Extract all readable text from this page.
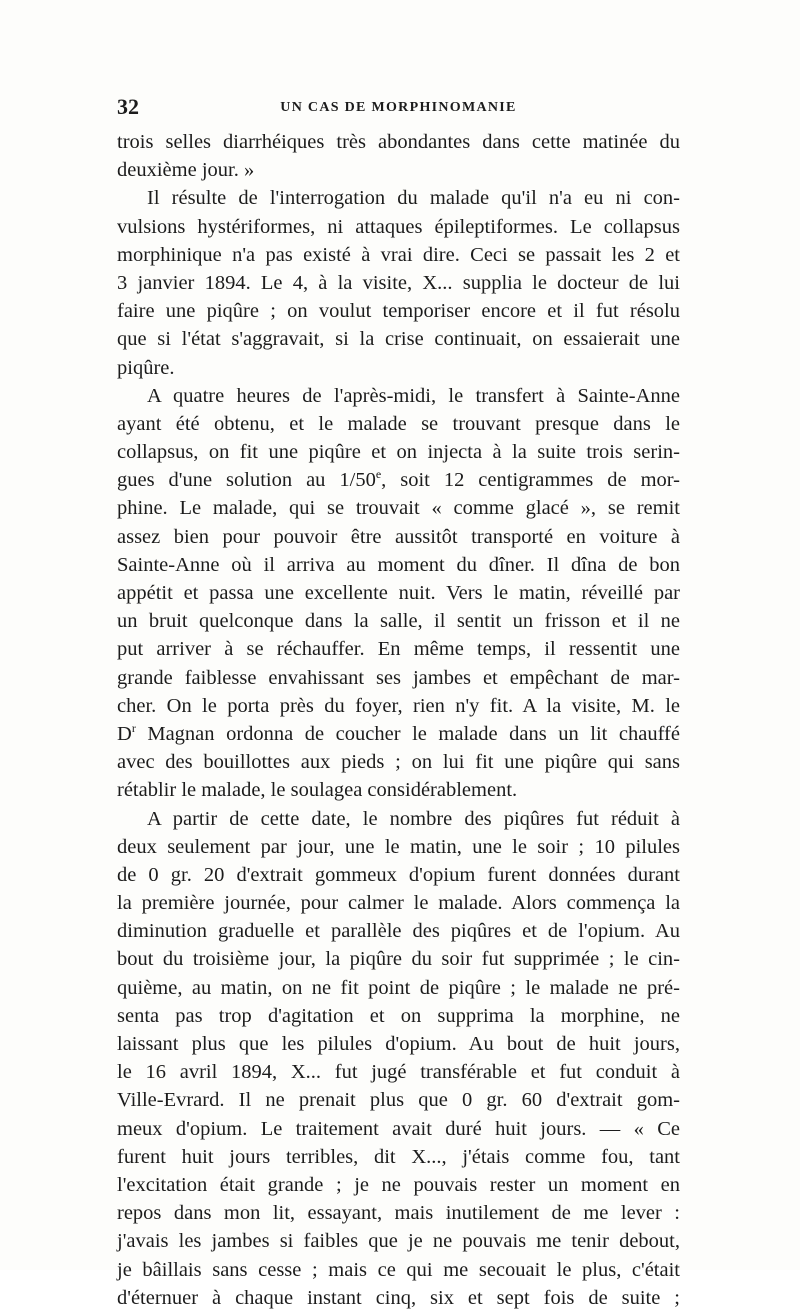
32	UN CAS DE MORPHINOMANIE
trois selles diarrhéiques très abondantes dans cette matinée du
deuxième jour. »
Il résulte de l'interrogation du malade qu'il n'a eu ni con-
vulsions hystériformes, ni attaques épileptiformes. Le collapsus
morphinique n'a pas existé à vrai dire. Ceci se passait les 2 et
3 janvier 1894. Le 4, à la visite, X... supplia le docteur de lui
faire une piqûre ; on voulut temporiser encore et il fut résolu
que si l'état s'aggravait, si la crise continuait, on essaierait une
piqûre.
A quatre heures de l'après-midi, le transfert à Sainte-Anne
ayant été obtenu, et le malade se trouvant presque dans le
collapsus, on fit une piqûre et on injecta à la suite trois serin-
gues d'une solution au 1/50e, soit 12 centigrammes de mor-
phine. Le malade, qui se trouvait « comme glacé », se remit
assez bien pour pouvoir être aussitôt transporté en voiture à
Sainte-Anne où il arriva au moment du dîner. Il dîna de bon
appétit et passa une excellente nuit. Vers le matin, réveillé par
un bruit quelconque dans la salle, il sentit un frisson et il ne
put arriver à se réchauffer. En même temps, il ressentit une
grande faiblesse envahissant ses jambes et empêchant de mar-
cher. On le porta près du foyer, rien n'y fit. A la visite, M. le
$D^r$ Magnan ordonna de coucher le malade dans un lit chauffé
avec des bouillottes aux pieds ; on lui fit une piqûre qui sans
rétablir le malade, le soulagea considérablement.
A partir de cette date, le nombre des piqûres fut réduit à
deux seulement par jour, une le matin, une le soir ; 10 pilules
de 0 gr. 20 d'extrait gommeux d'opium furent données durant
la première journée, pour calmer le malade. Alors commença la
diminution graduelle et parallèle des piqûres et de l'opium. Au
bout du troisième jour, la piqûre du soir fut supprimée ; le cin-
quième, au matin, on ne fit point de piqûre ; le malade ne pré-
senta pas trop d'agitation et on supprima la morphine, ne
laissant plus que les pilules d'opium. Au bout de huit jours,
le 16 avril 1894, X... fut jugé transférable et fut conduit à
Ville-Evrard. Il ne prenait plus que 0 gr. 60 d'extrait gom-
meux d'opium. Le traitement avait duré huit jours. — « Ce
furent huit jours terribles, dit X..., j'étais comme fou, tant
l'excitation était grande ; je ne pouvais rester un moment en
repos dans mon lit, essayant, mais inutilement de me lever :
j'avais les jambes si faibles que je ne pouvais me tenir debout,
je bâillais sans cesse ; mais ce qui me secouait le plus, c'était
d'éternuer à chaque instant cinq, six et sept fois de suite ;
